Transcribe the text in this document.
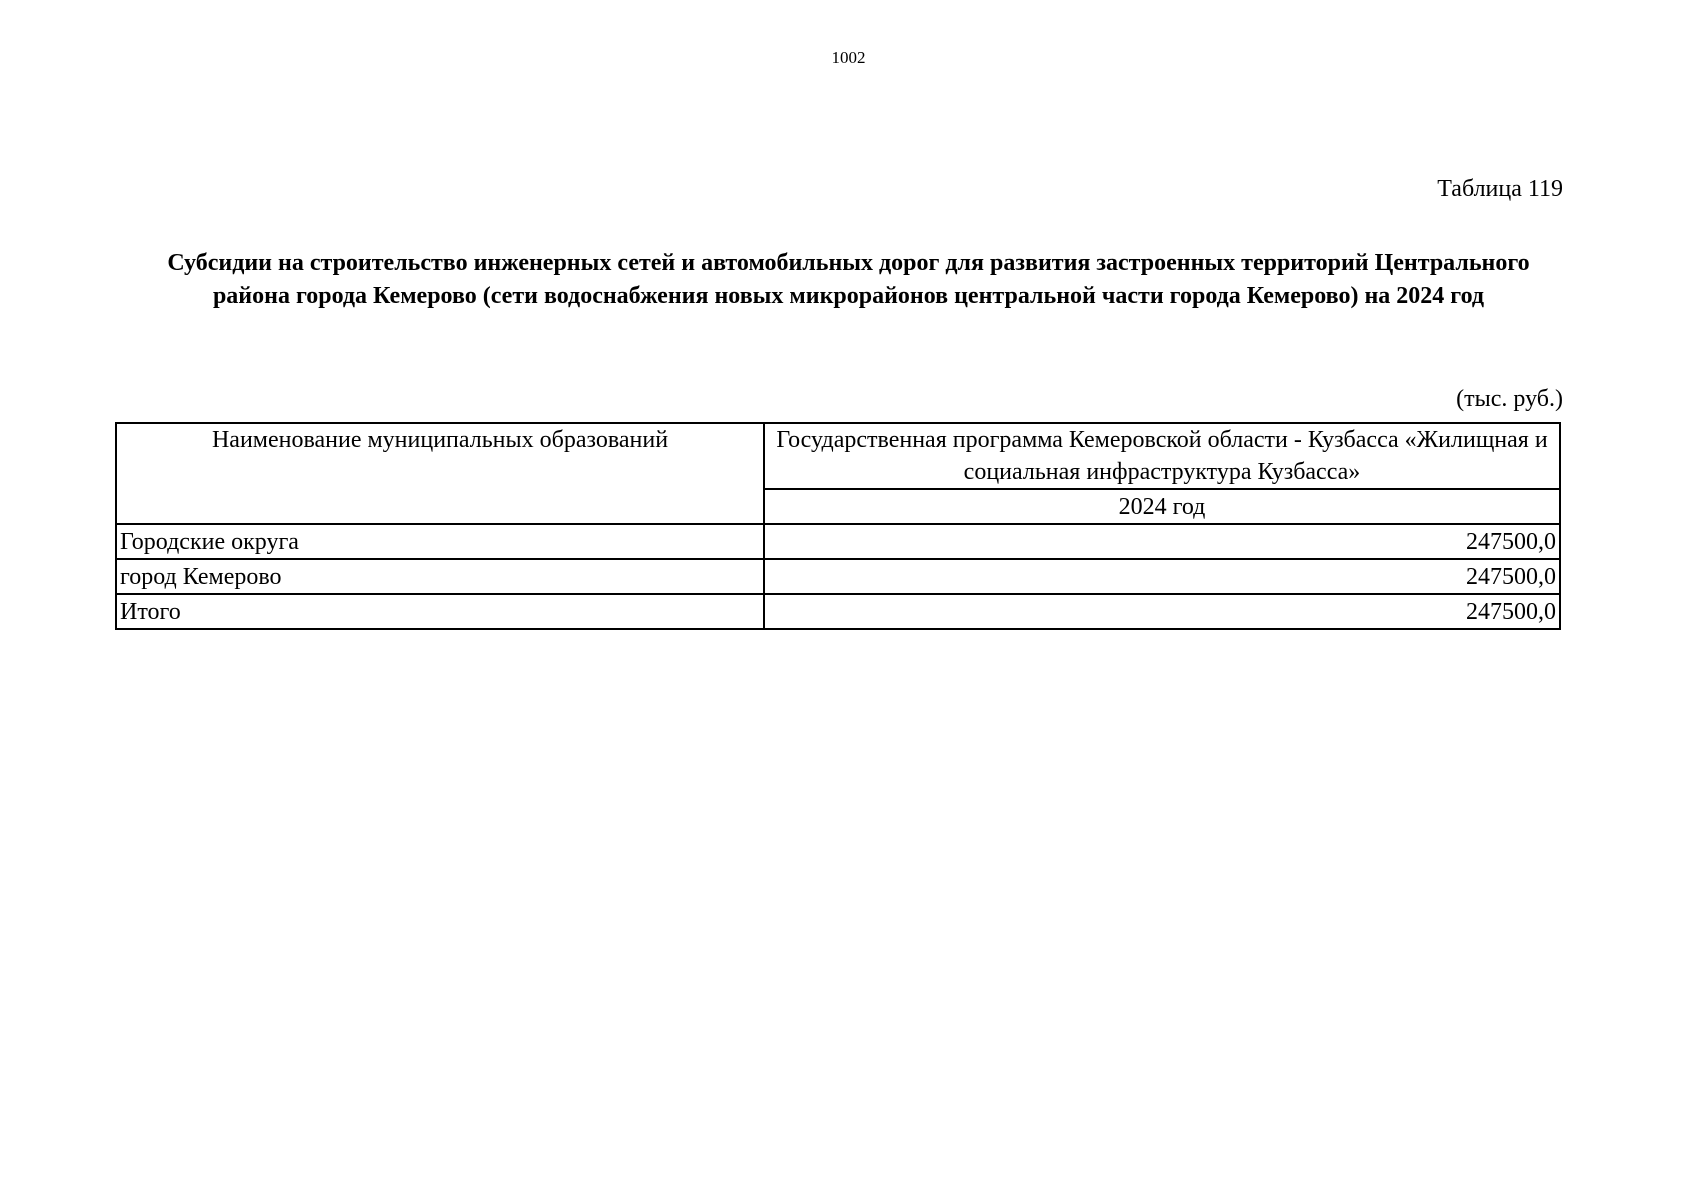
1002
Таблица 119
Субсидии на строительство инженерных сетей и автомобильных дорог для развития застроенных территорий Центрального района города Кемерово (сети водоснабжения новых микрорайонов центральной части города Кемерово) на 2024 год
(тыс. руб.)
Наименование муниципальных образований	Государственная программа Кемеровской области - Кузбасса «Жилищная и социальная инфраструктура Кузбасса»
	2024 год
Городские округа	247500,0
город Кемерово	247500,0
Итого	247500,0
